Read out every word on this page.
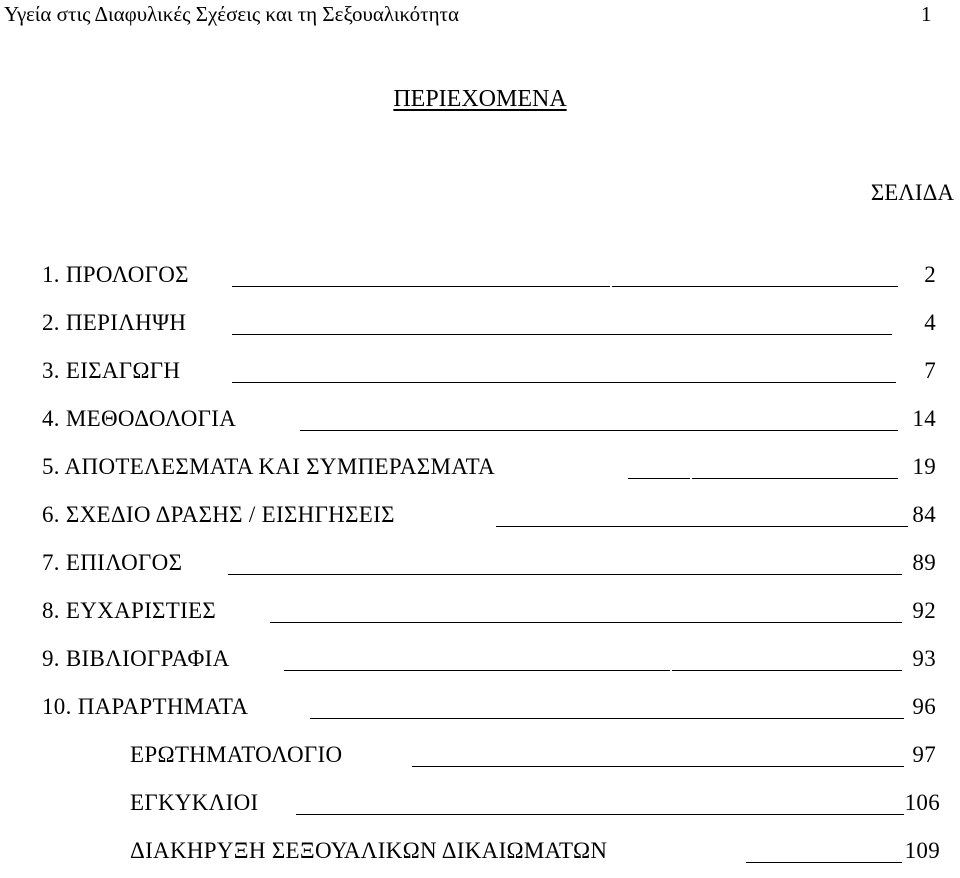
Υγεία στις Διαφυλικές Σχέσεις και τη Σεξουαλικότητα	1
ΠΕΡΙΕΧΟΜΕΝΑ
ΣΕΛΙΔΑ
1. ΠΡΟΛΟΓΟΣ	2
2. ΠΕΡΙΛΗΨΗ	4
3. ΕΙΣΑΓΩΓΗ	7
4. ΜΕΘΟΔΟΛΟΓΙΑ	14
5. ΑΠΟΤΕΛΕΣΜΑΤΑ ΚΑΙ ΣΥΜΠΕΡΑΣΜΑΤΑ	19
6. ΣΧΕΔΙΟ ΔΡΑΣΗΣ / ΕΙΣΗΓΗΣΕΙΣ	84
7. ΕΠΙΛΟΓΟΣ	89
8. ΕΥΧΑΡΙΣΤΙΕΣ	92
9. ΒΙΒΛΙΟΓΡΑΦΙΑ	93
10. ΠΑΡΑΡΤΗΜΑΤΑ	96
ΕΡΩΤΗΜΑΤΟΛΟΓΙΟ	97
ΕΓΚΥΚΛΙΟΙ	106
ΔΙΑΚΗΡΥΞΗ ΣΕΞΟΥΑΛΙΚΩΝ ΔΙΚΑΙΩΜΑΤΩΝ	109
